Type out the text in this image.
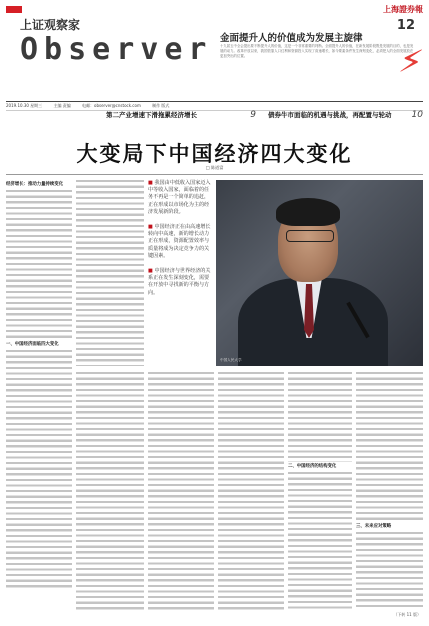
上海證券報
上证观察家	12
Observer 金面提升人的价值成为发展主旋律
十九届五中全会提出要不断提升人的价值，这是一个非常重要的判断。全面提升人的价值，在新发展阶段既是发展的目的，也是发展的动力。改革开放以来，我国依靠人口红利和资源投入实现了高速增长，如今要素条件发生深刻变化，必须把人的全面发展放在更加突出的位置。	⚡
2019.10.30 星期三	主编 责编	电邮：observer@cnstock.com	制作 版式
第二产业增速下滑拖累经济增长	9 债券牛市面临的机遇与挑战，再配置与轮动	10
大变局下中国经济四大变化
□ 陈道富
经济增长：推动力量持续变化
一、中国经济面临四大变化
■ 我国由中低收入国家迈入中等收入国家，面临着的任务不再是一个简单的追赶，正在形成以市场化为主的经济发展新阶段。
■ 中国经济正在由高速增长转向中高速，新的增长动力正在形成，资源配置效率与质量将成为决定竞争力的关键因素。
■ 中国经济与世界经济的关系正在发生深刻变化，需要在开放中寻找新的平衡与方向。
中国人民大学
二、中国经济的结构变化
三、未来应对策略
（下转 11 版）
